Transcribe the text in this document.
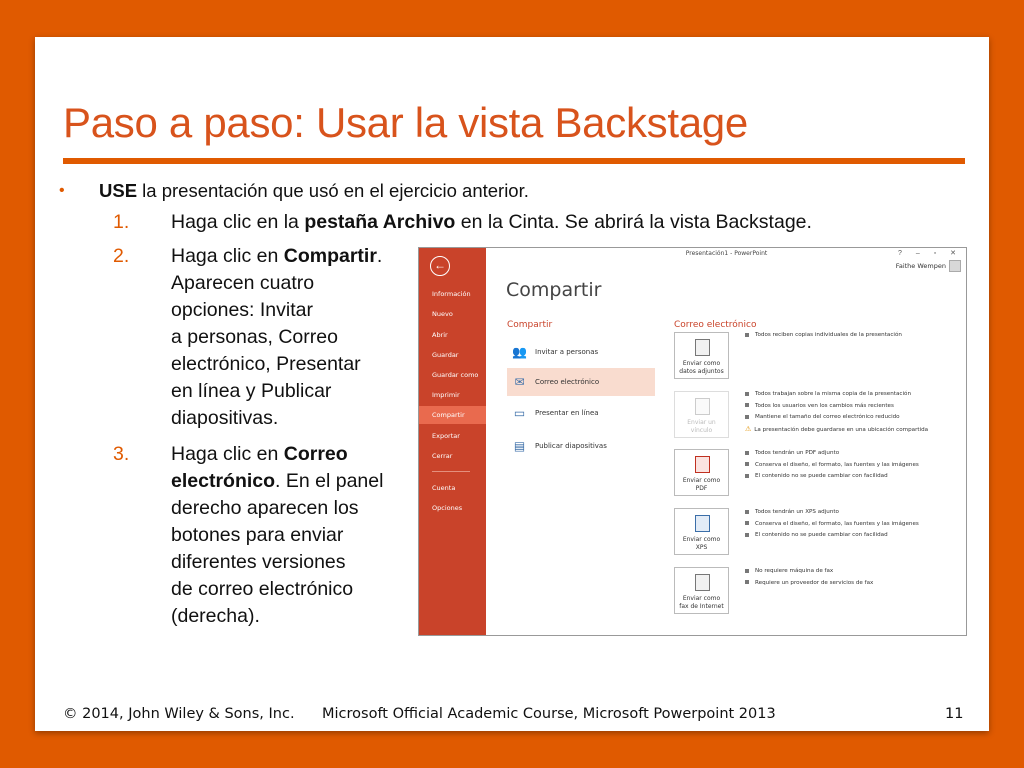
Paso a paso: Usar la vista Backstage
• USE la presentación que usó en el ejercicio anterior.
1. Haga clic en la pestaña Archivo en la Cinta. Se abrirá la vista Backstage.
2. Haga clic en Compartir.
Aparecen cuatro
opciones: Invitar
a personas, Correo
electrónico, Presentar
en línea y Publicar
diapositivas.
3. Haga clic en Correo
electrónico. En el panel
derecho aparecen los
botones para enviar
diferentes versiones
de correo electrónico
(derecha).
←
Información
Nuevo
Abrir
Guardar
Guardar como
Imprimir
Compartir
Exportar
Cerrar
Cuenta
Opciones
Presentación1 - PowerPoint	? – ▫ ✕
Faithe Wempen
Compartir
Compartir
👥 Invitar a personas
✉	Correo electrónico
▭ Presentar en línea
▤ Publicar diapositivas
Correo electrónico
Enviar como
datos adjuntos
Enviar un
vínculo
Enviar como
PDF
Enviar como
XPS
Enviar como
fax de Internet
Todos reciben copias individuales de la presentación
Todos trabajan sobre la misma copia de la presentación
Todos los usuarios ven los cambios más recientes
Mantiene el tamaño del correo electrónico reducido
⚠ La presentación debe guardarse en una ubicación compartida
Todos tendrán un PDF adjunto
Conserva el diseño, el formato, las fuentes y las imágenes
El contenido no se puede cambiar con facilidad
Todos tendrán un XPS adjunto
Conserva el diseño, el formato, las fuentes y las imágenes
El contenido no se puede cambiar con facilidad
No requiere máquina de fax
Requiere un proveedor de servicios de fax
© 2014, John Wiley & Sons, Inc. Microsoft Official Academic Course, Microsoft Powerpoint 2013	11
